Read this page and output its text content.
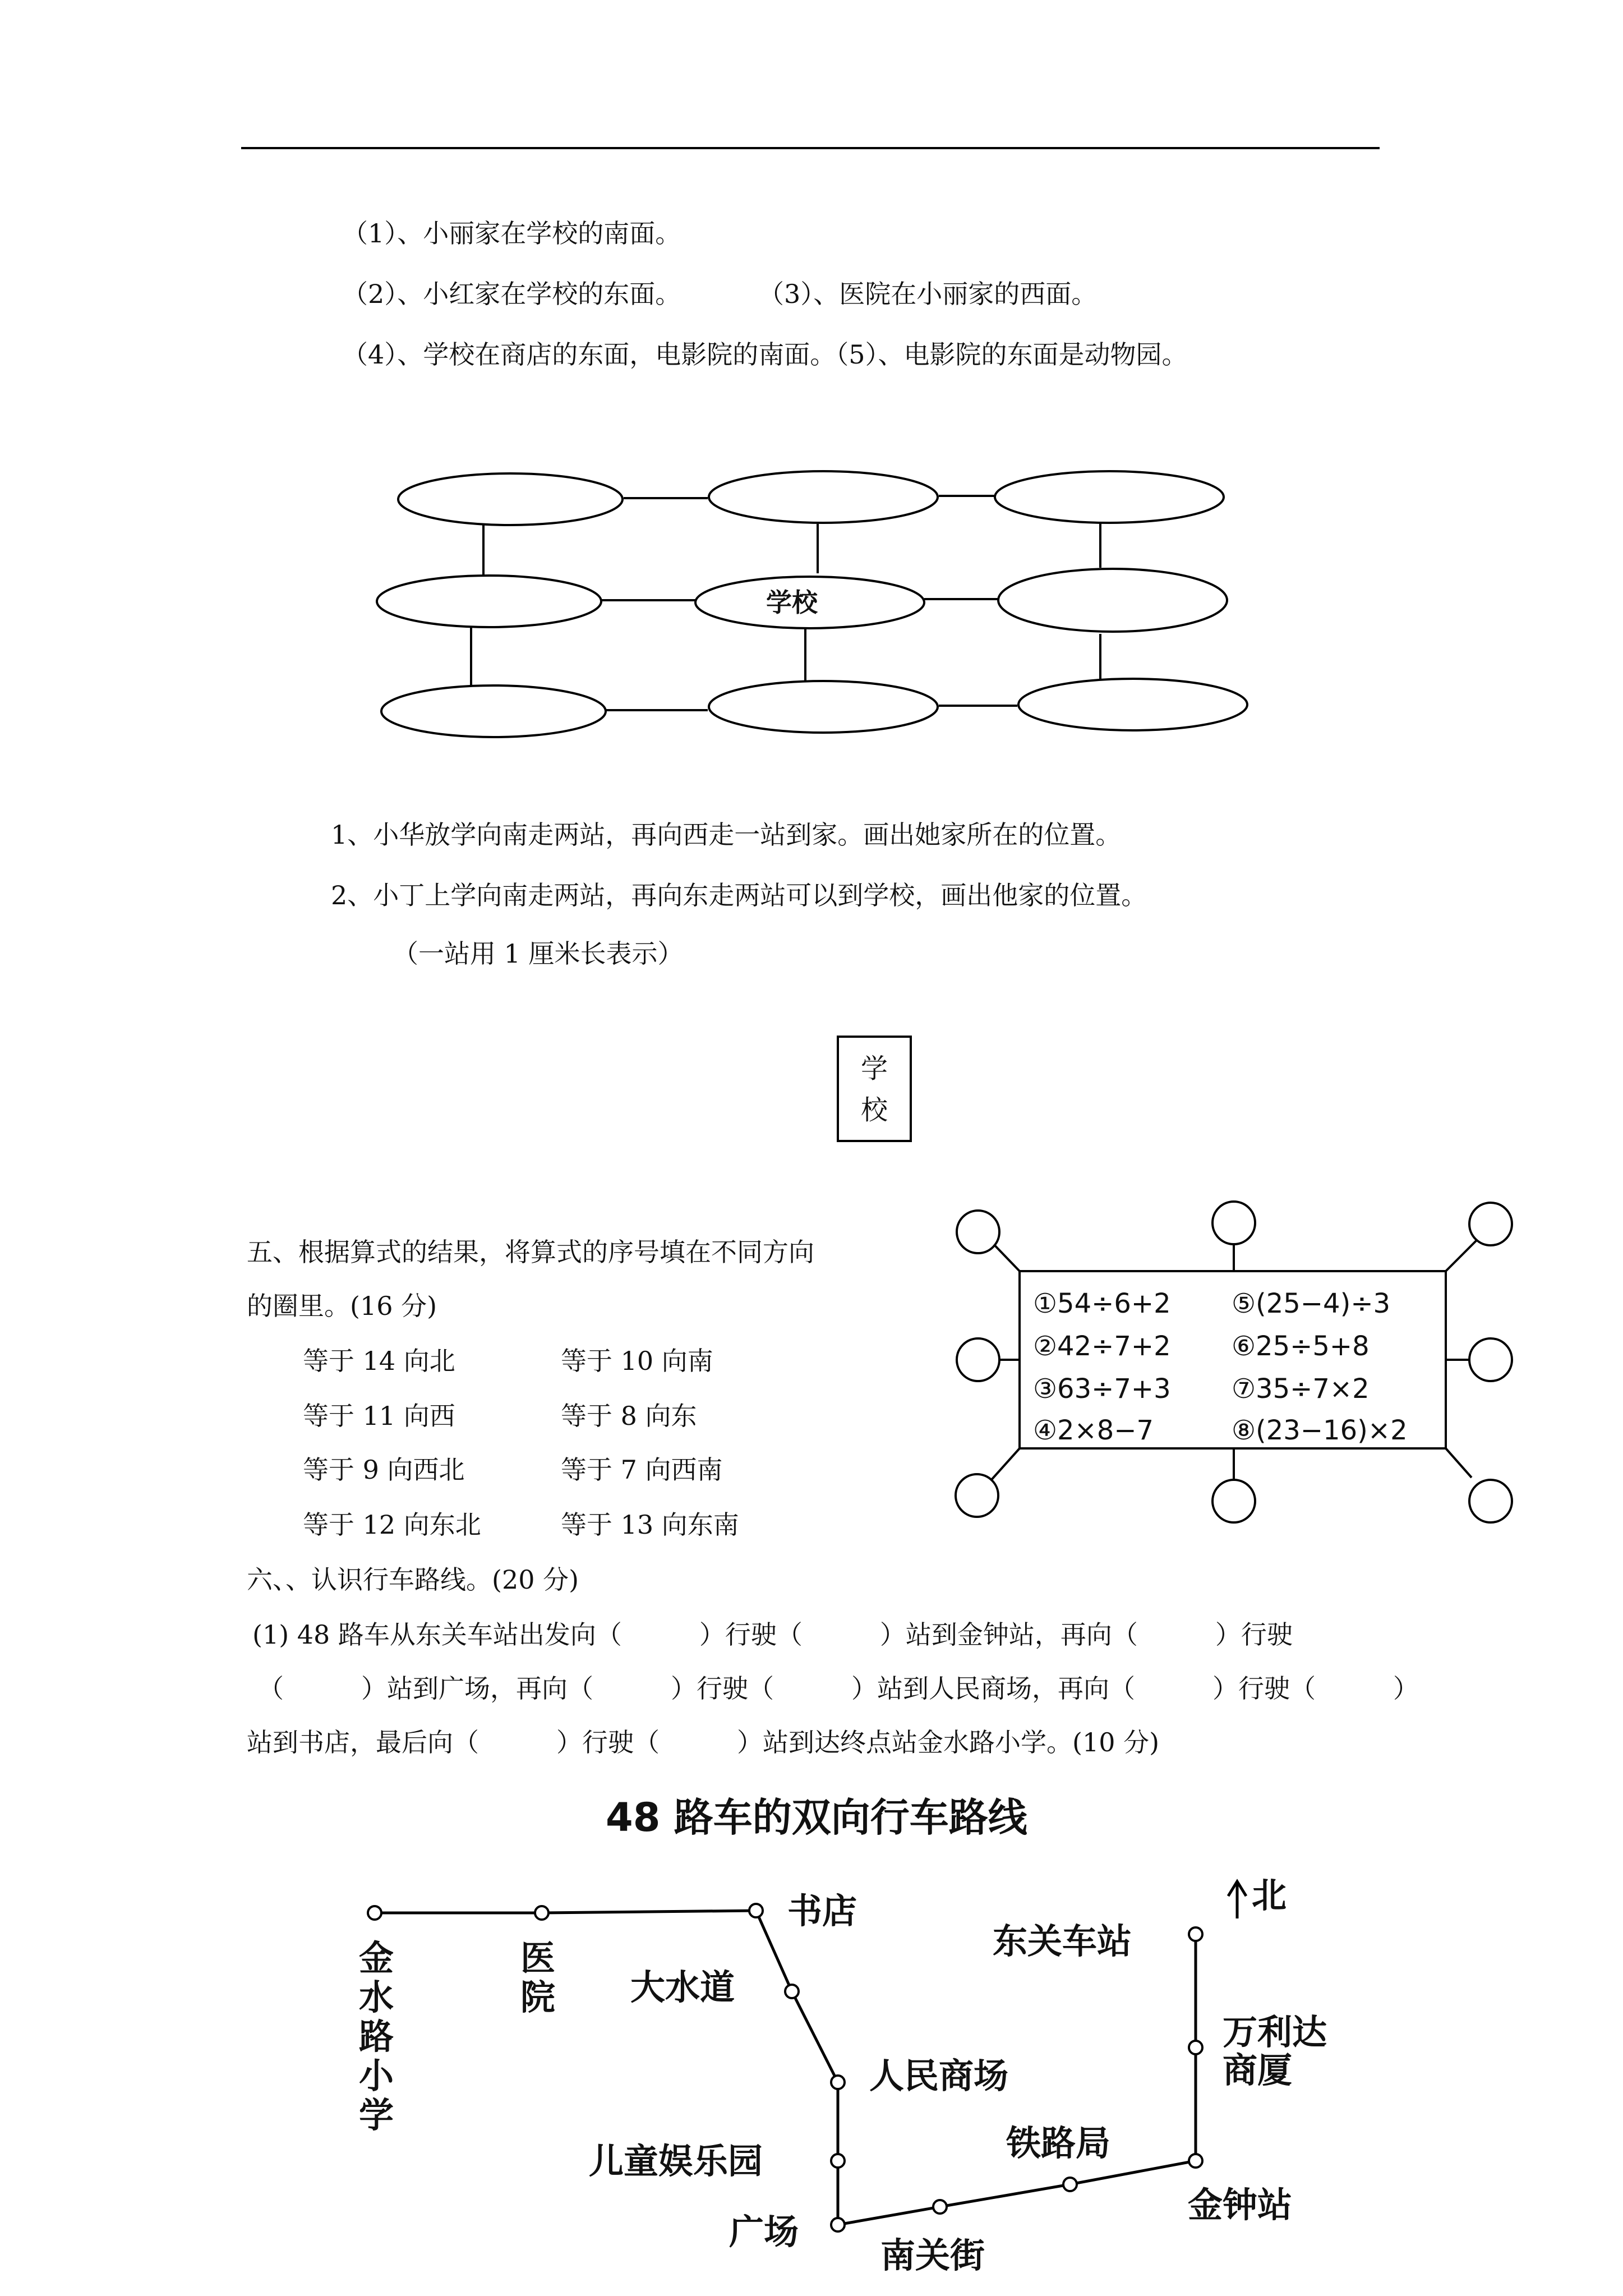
（1）、小丽家在学校的南面。
（2）、小红家在学校的东面。	（3）、医院在小丽家的西面。
（4）、学校在商店的东面，电影院的南面。（5）、电影院的东面是动物园。
学校
1、小华放学向南走两站，再向西走一站到家。画出她家所在的位置。
2、小丁上学向南走两站，再向东走两站可以到学校，画出他家的位置。
（一站用 1 厘米长表示）
学
校
五、根据算式的结果，将算式的序号填在不同方向
的圈里。(16 分)
等于 14 向北	等于 10 向南
等于 11 向西	等于 8 向东
等于 9 向西北	等于 7 向西南
等于 12 向东北	等于 13 向东南
①54÷6+2 ⑤(25−4)÷3
②42÷7+2 ⑥25÷5+8
③63÷7+3 ⑦35÷7×2
④2×8−7	⑧(23−16)×2
六、、认识行车路线。(20 分)
(1) 48 路车从东关车站出发向（　　　）行驶（　　　）站到金钟站，再向（　　　）行驶
（　　　）站到广场，再向（　　　）行驶（　　　）站到人民商场，再向（　　　）行驶（　　　）
站到书店，最后向（　　　）行驶（　　　）站到达终点站金水路小学。(10 分)
48 路车的双向行车路线
北
金
水
路
小
学
医
院
书店
大水道
人民商场
儿童娱乐园
广场
南关街
铁路局
金钟站
万利达
商厦
东关车站
